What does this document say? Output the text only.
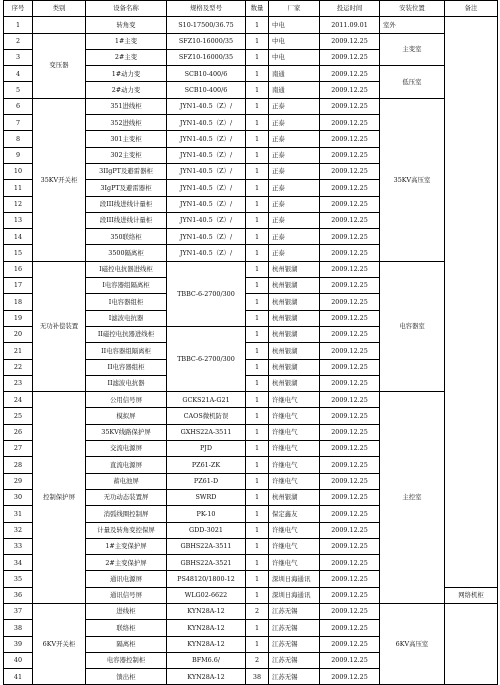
序号	类别	设备名称	规格及型号	数量	厂家	投运时间	安装位置	备注
1		转角变	S10-17500/36.75	1	中电	2011.09.01	室外	
2	变压器	1#主变	SFZ10-16000/35	1	中电	2009.12.25	主变室	
3		2#主变	SFZ10-16000/35	1	中电	2009.12.25		
4		1#动力变	SCB10-400/6	1	南通	2009.12.25	低压室	
5		2#动力变	SCB10-400/6	1	南通	2009.12.25		
6	35KV开关柜	351进线柜	JYN1-40.5（Z）/	1	正泰	2009.12.25	35KV高压室	
7		352进线柜	JYN1-40.5（Z）/	1	正泰	2009.12.25		
8		301主变柜	JYN1-40.5（Z）/	1	正泰	2009.12.25		
9		302主变柜	JYN1-40.5（Z）/	1	正泰	2009.12.25		
10		3IIgPT及避雷器柜	JYN1-40.5（Z）/	1	正泰	2009.12.25		
11		3IgPT及避雷器柜	JYN1-40.5（Z）/	1	正泰	2009.12.25		
12		段ⅠII线进线计量柜	JYN1-40.5（Z）/	1	正泰	2009.12.25		
13		段ⅠII线进线计量柜	JYN1-40.5（Z）/	1	正泰	2009.12.25		
14		350联络柜	JYN1-40.5（Z）/	1	正泰	2009.12.25		
15		3500隔离柜	JYN1-40.5（Z）/	1	正泰	2009.12.25		
16	无功补偿装置	I磁控电抗器进线柜	TBBC-6-2700/300	1	杭州银湖	2009.12.25	电容器室	
17		I电容器组隔离柜		1	杭州银湖	2009.12.25		
18		I电容器组柜		1	杭州银湖	2009.12.25		
19		I滤波电抗器		1	杭州银湖	2009.12.25		
20		II磁控电抗器进线柜	TBBC-6-2700/300	1	杭州银湖	2009.12.25		
21		II电容器组隔离柜		1	杭州银湖	2009.12.25		
22		II电容器组柜		1	杭州银湖	2009.12.25		
23		II滤波电抗器		1	杭州银湖	2009.12.25		
24	控制保护屏	公用信号屏	GCKS21A-G21	1	许继电气	2009.12.25	主控室	
25		模拟屏	CAOS微机防误	1	许继电气	2009.12.25		
26		35KV线路保护屏	GXHS22A-3511	1	许继电气	2009.12.25		
27		交流电源屏	PJD	1	许继电气	2009.12.25		
28		直流电源屏	PZ61-ZK	1	许继电气	2009.12.25		
29		蓄电池屏	PZ61-D	1	许继电气	2009.12.25		
30		无功动态装置屏	SWRD	1	杭州银湖	2009.12.25		
31		消弧线圈控制屏	PK-10	1	保定鑫友	2009.12.25		
32		计量及转角变控保屏	GDD-3021	1	许继电气	2009.12.25		
33		1#主变保护屏	GBHS22A-3511	1	许继电气	2009.12.25		
34		2#主变保护屏	GBHS22A-3521	1	许继电气	2009.12.25		
35		通讯电源屏	PS48120/1800-12	1	深圳日海通讯	2009.12.25		
36		通讯信号屏	WLG02-6622	1	深圳日海通讯	2009.12.25		网络机柜
37	6KV开关柜	进线柜	KYN28A-12	2	江苏无锡	2009.12.25	6KV高压室	
38		联络柜	KYN28A-12	1	江苏无锡	2009.12.25		
39		隔离柜	KYN28A-12	1	江苏无锡	2009.12.25		
40		电容器控制柜	BFM6.6/	2	江苏无锡	2009.12.25		
41		馈出柜	KYN28A-12	38	江苏无锡	2009.12.25		
